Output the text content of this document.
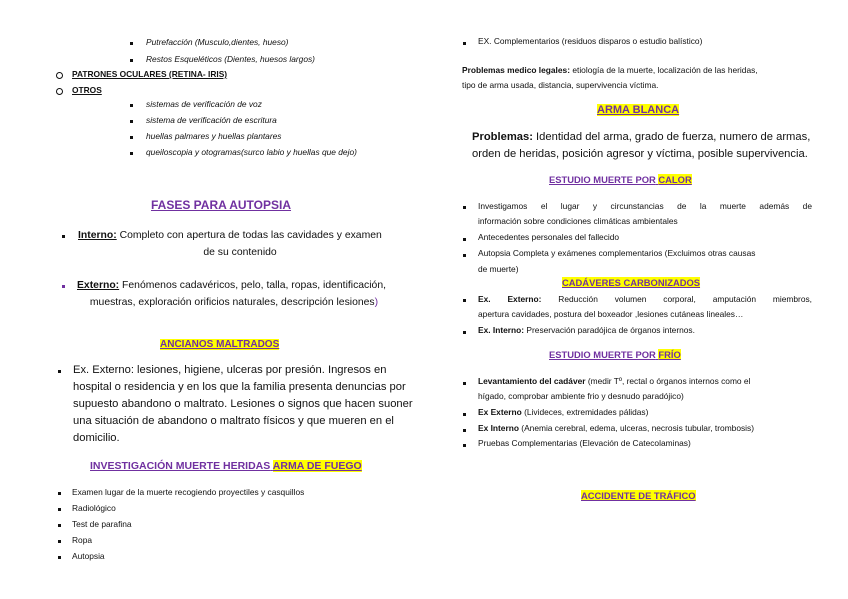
Putrefacción (Musculo,dientes, hueso)
Restos Esqueléticos (Dientes, huesos largos)
PATRONES OCULARES (RETINA- IRIS)
OTROS
sistemas de verificación de voz
sistema de verificación de escritura
huellas palmares y huellas plantares
queiloscopia y otogramas(surco labio y huellas que dejo)
FASES PARA AUTOPSIA
Interno: Completo con apertura de todas las cavidades y examen
de su contenido
Externo: Fenómenos cadavéricos, pelo, talla, ropas, identificación,
muestras, exploración orificios naturales, descripción lesiones)
ANCIANOS MALTRADOS
Ex. Externo: lesiones, higiene, ulceras por presión. Ingresos en
hospital o residencia y en los que la familia presenta denuncias por
supuesto abandono o maltrato. Lesiones o signos que hacen suoner
una situación de abandono o maltrato físicos y que mueren en el
domicilio.
INVESTIGACIÓN MUERTE HERIDAS ARMA DE FUEGO
Examen lugar de la muerte recogiendo proyectiles y casquillos
Radiológico
Test de parafina
Ropa
Autopsia
EX. Complementarios (residuos disparos o estudio balístico)
Problemas medico legales: etiología de la muerte, localización de las heridas,
tipo de arma usada, distancia, supervivencia víctima.
ARMA BLANCA
Problemas: Identidad del arma, grado de fuerza, numero de armas,
orden de heridas, posición agresor y víctima, posible supervivencia.
ESTUDIO MUERTE POR CALOR
Investigamos el lugar y circunstancias de la muerte además de
información sobre condiciones climáticas ambientales
Antecedentes personales del fallecido
Autopsia Completa y exámenes complementarios (Excluimos otras causas
de muerte)
CADÁVERES CARBONIZADOS
Ex. Externo: Reducción volumen corporal, amputación miembros,
apertura cavidades, postura del boxeador ,lesiones cutáneas lineales…
Ex. Interno: Preservación paradójica de órganos internos.
ESTUDIO MUERTE POR FRÍO
Levantamiento del cadáver (medir Tº, rectal o órganos internos como el
hígado, comprobar ambiente frio y desnudo paradójico)
Ex Externo (Livideces, extremidades pálidas)
Ex Interno (Anemia cerebral, edema, ulceras, necrosis tubular, trombosis)
Pruebas Complementarias (Elevación de Catecolaminas)
ACCIDENTE DE TRÁFICO
